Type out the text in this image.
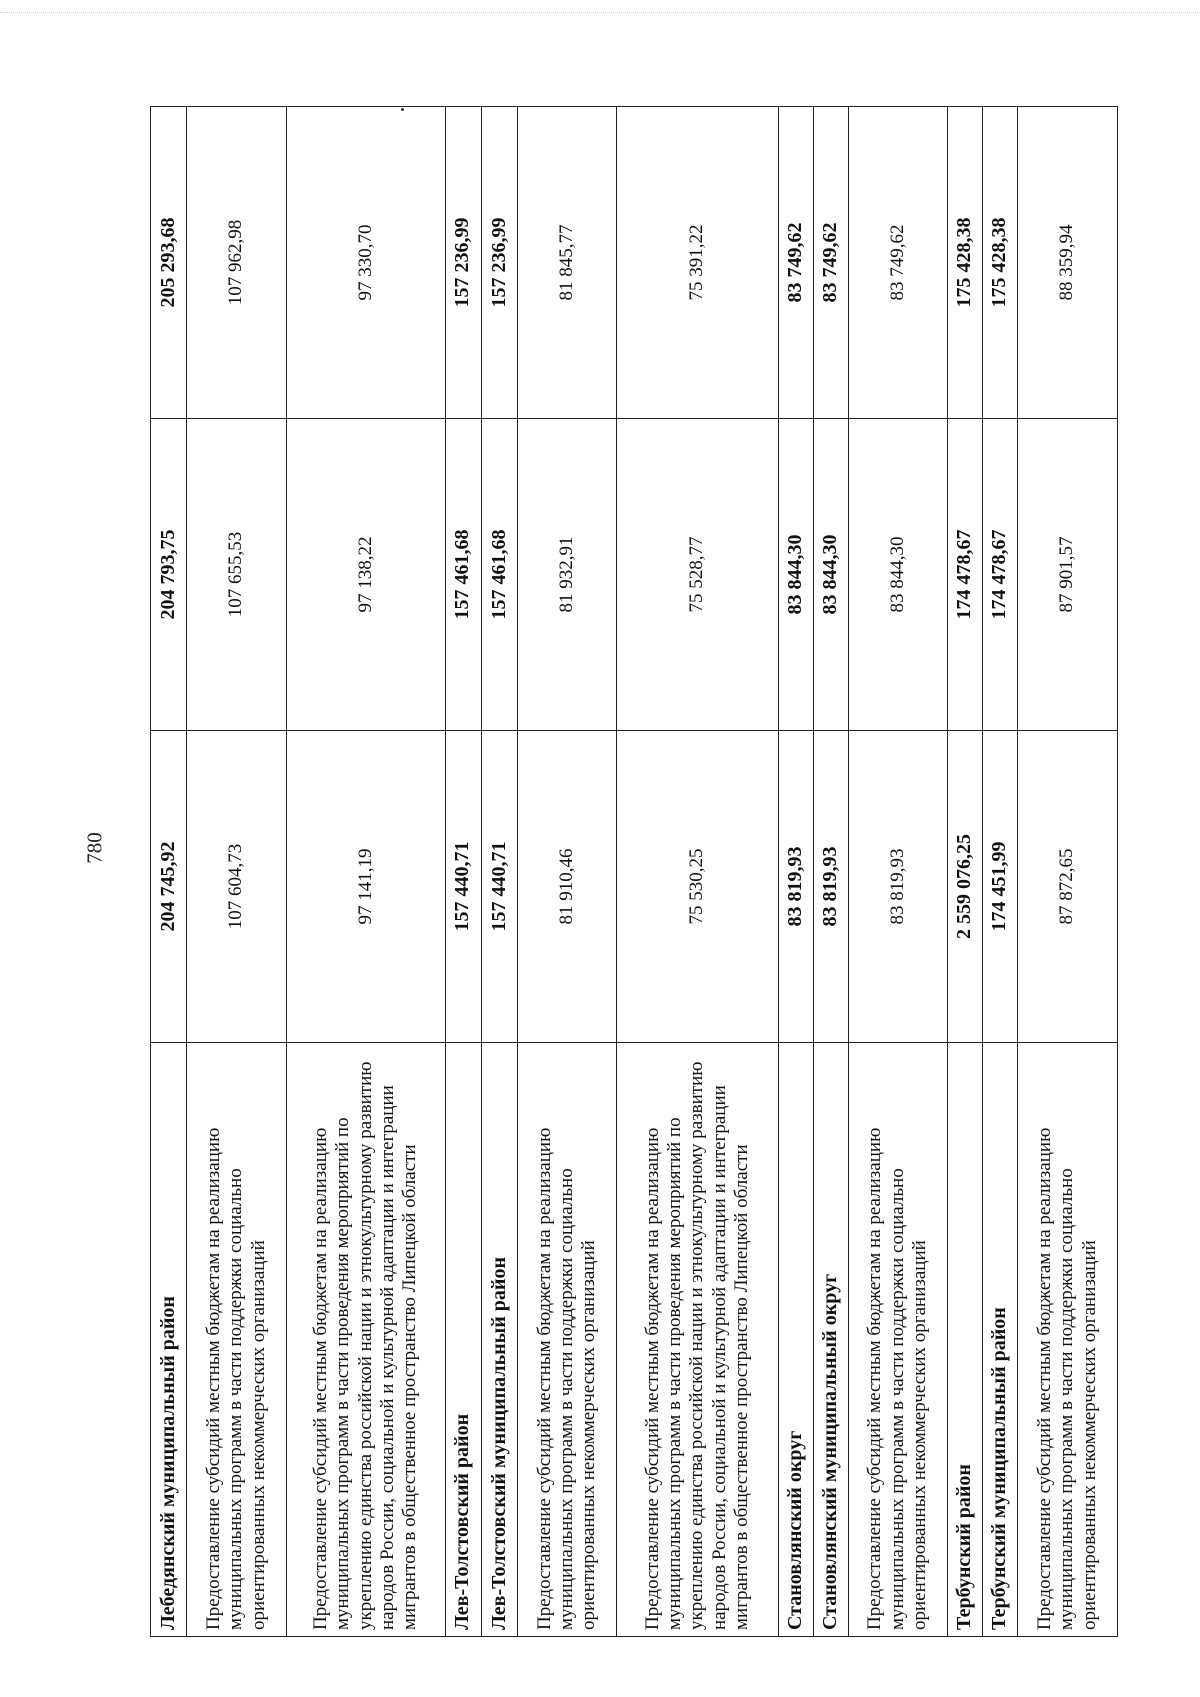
780
Лебедянский муниципальный район	204 745,92	204 793,75	205 293,68
Предоставление субсидий местным бюджетам на реализацию муниципальных программ в части поддержки социально ориентированных некоммерческих организаций	107 604,73	107 655,53	107 962,98
Предоставление субсидий местным бюджетам на реализацию муниципальных программ в части проведения мероприятий по укреплению единства российской нации и этнокультурному развитию народов России, социальной и культурной адаптации и интеграции мигрантов в общественное пространство Липецкой области	97 141,19	97 138,22	97 330,70
Лев-Толстовский район	157 440,71	157 461,68	157 236,99
Лев-Толстовский муниципальный район	157 440,71	157 461,68	157 236,99
Предоставление субсидий местным бюджетам на реализацию муниципальных программ в части поддержки социально ориентированных некоммерческих организаций	81 910,46	81 932,91	81 845,77
Предоставление субсидий местным бюджетам на реализацию муниципальных программ в части проведения мероприятий по укреплению единства российской нации и этнокультурному развитию народов России, социальной и культурной адаптации и интеграции мигрантов в общественное пространство Липецкой области	75 530,25	75 528,77	75 391,22
Становлянский округ	83 819,93	83 844,30	83 749,62
Становлянский муниципальный округ	83 819,93	83 844,30	83 749,62
Предоставление субсидий местным бюджетам на реализацию муниципальных программ в части поддержки социально ориентированных некоммерческих организаций	83 819,93	83 844,30	83 749,62
Тербунский район	2 559 076,25	174 478,67	175 428,38
Тербунский муниципальный район	174 451,99	174 478,67	175 428,38
Предоставление субсидий местным бюджетам на реализацию муниципальных программ в части поддержки социально ориентированных некоммерческих организаций	87 872,65	87 901,57	88 359,94
